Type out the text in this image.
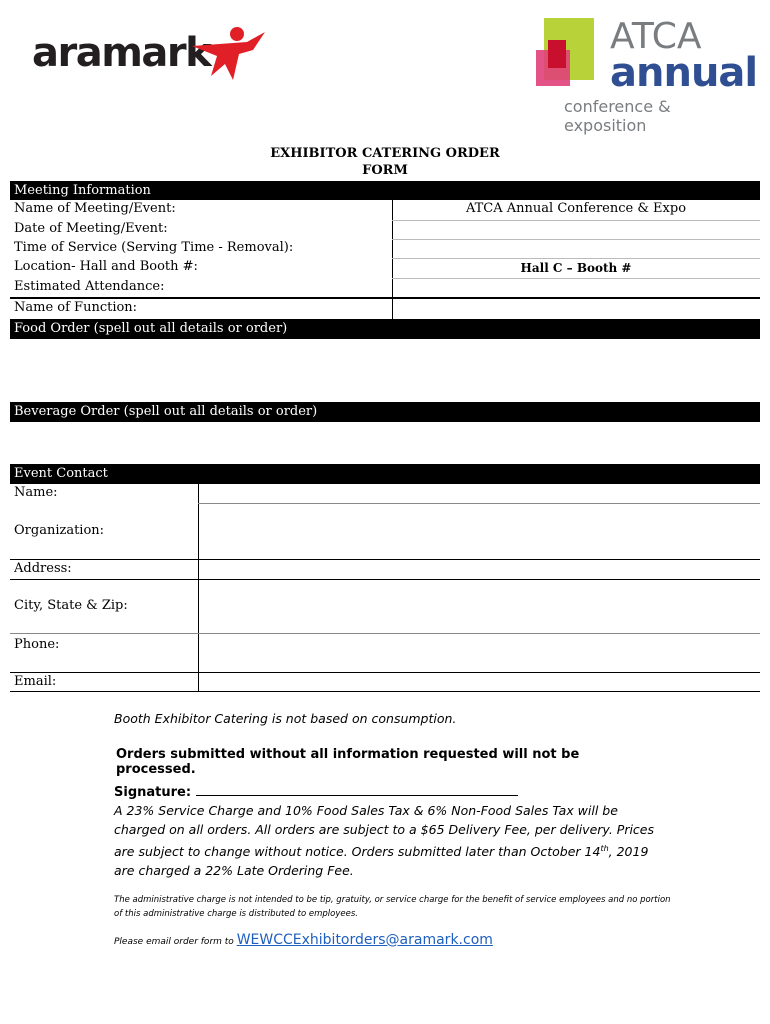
aramark	ATCA
annual
conference & exposition
EXHIBITOR CATERING ORDER
FORM
Meeting Information
Name of Meeting/Event:	ATCA Annual Conference & Expo
Date of Meeting/Event:
Time of Service (Serving Time - Removal):
Location- Hall and Booth #:	Hall C – Booth #
Estimated Attendance:
Name of Function:
Food Order (spell out all details or order)
Beverage Order (spell out all details or order)
Event Contact
Name:
Organization:
Address:
City, State & Zip:
Phone:
Email:
Booth Exhibitor Catering is not based on consumption.
Orders submitted without all information requested will not be processed.
Signature:
A 23% Service Charge and 10% Food Sales Tax & 6% Non-Food Sales Tax will be charged on all orders. All orders are subject to a $65 Delivery Fee, per delivery. Prices are subject to change without notice. Orders submitted later than October 14th, 2019 are charged a 22% Late Ordering Fee.
The administrative charge is not intended to be tip, gratuity, or service charge for the benefit of service employees and no portion of this administrative charge is distributed to employees.
Please email order form to WEWCCExhibitorders@aramark.com
